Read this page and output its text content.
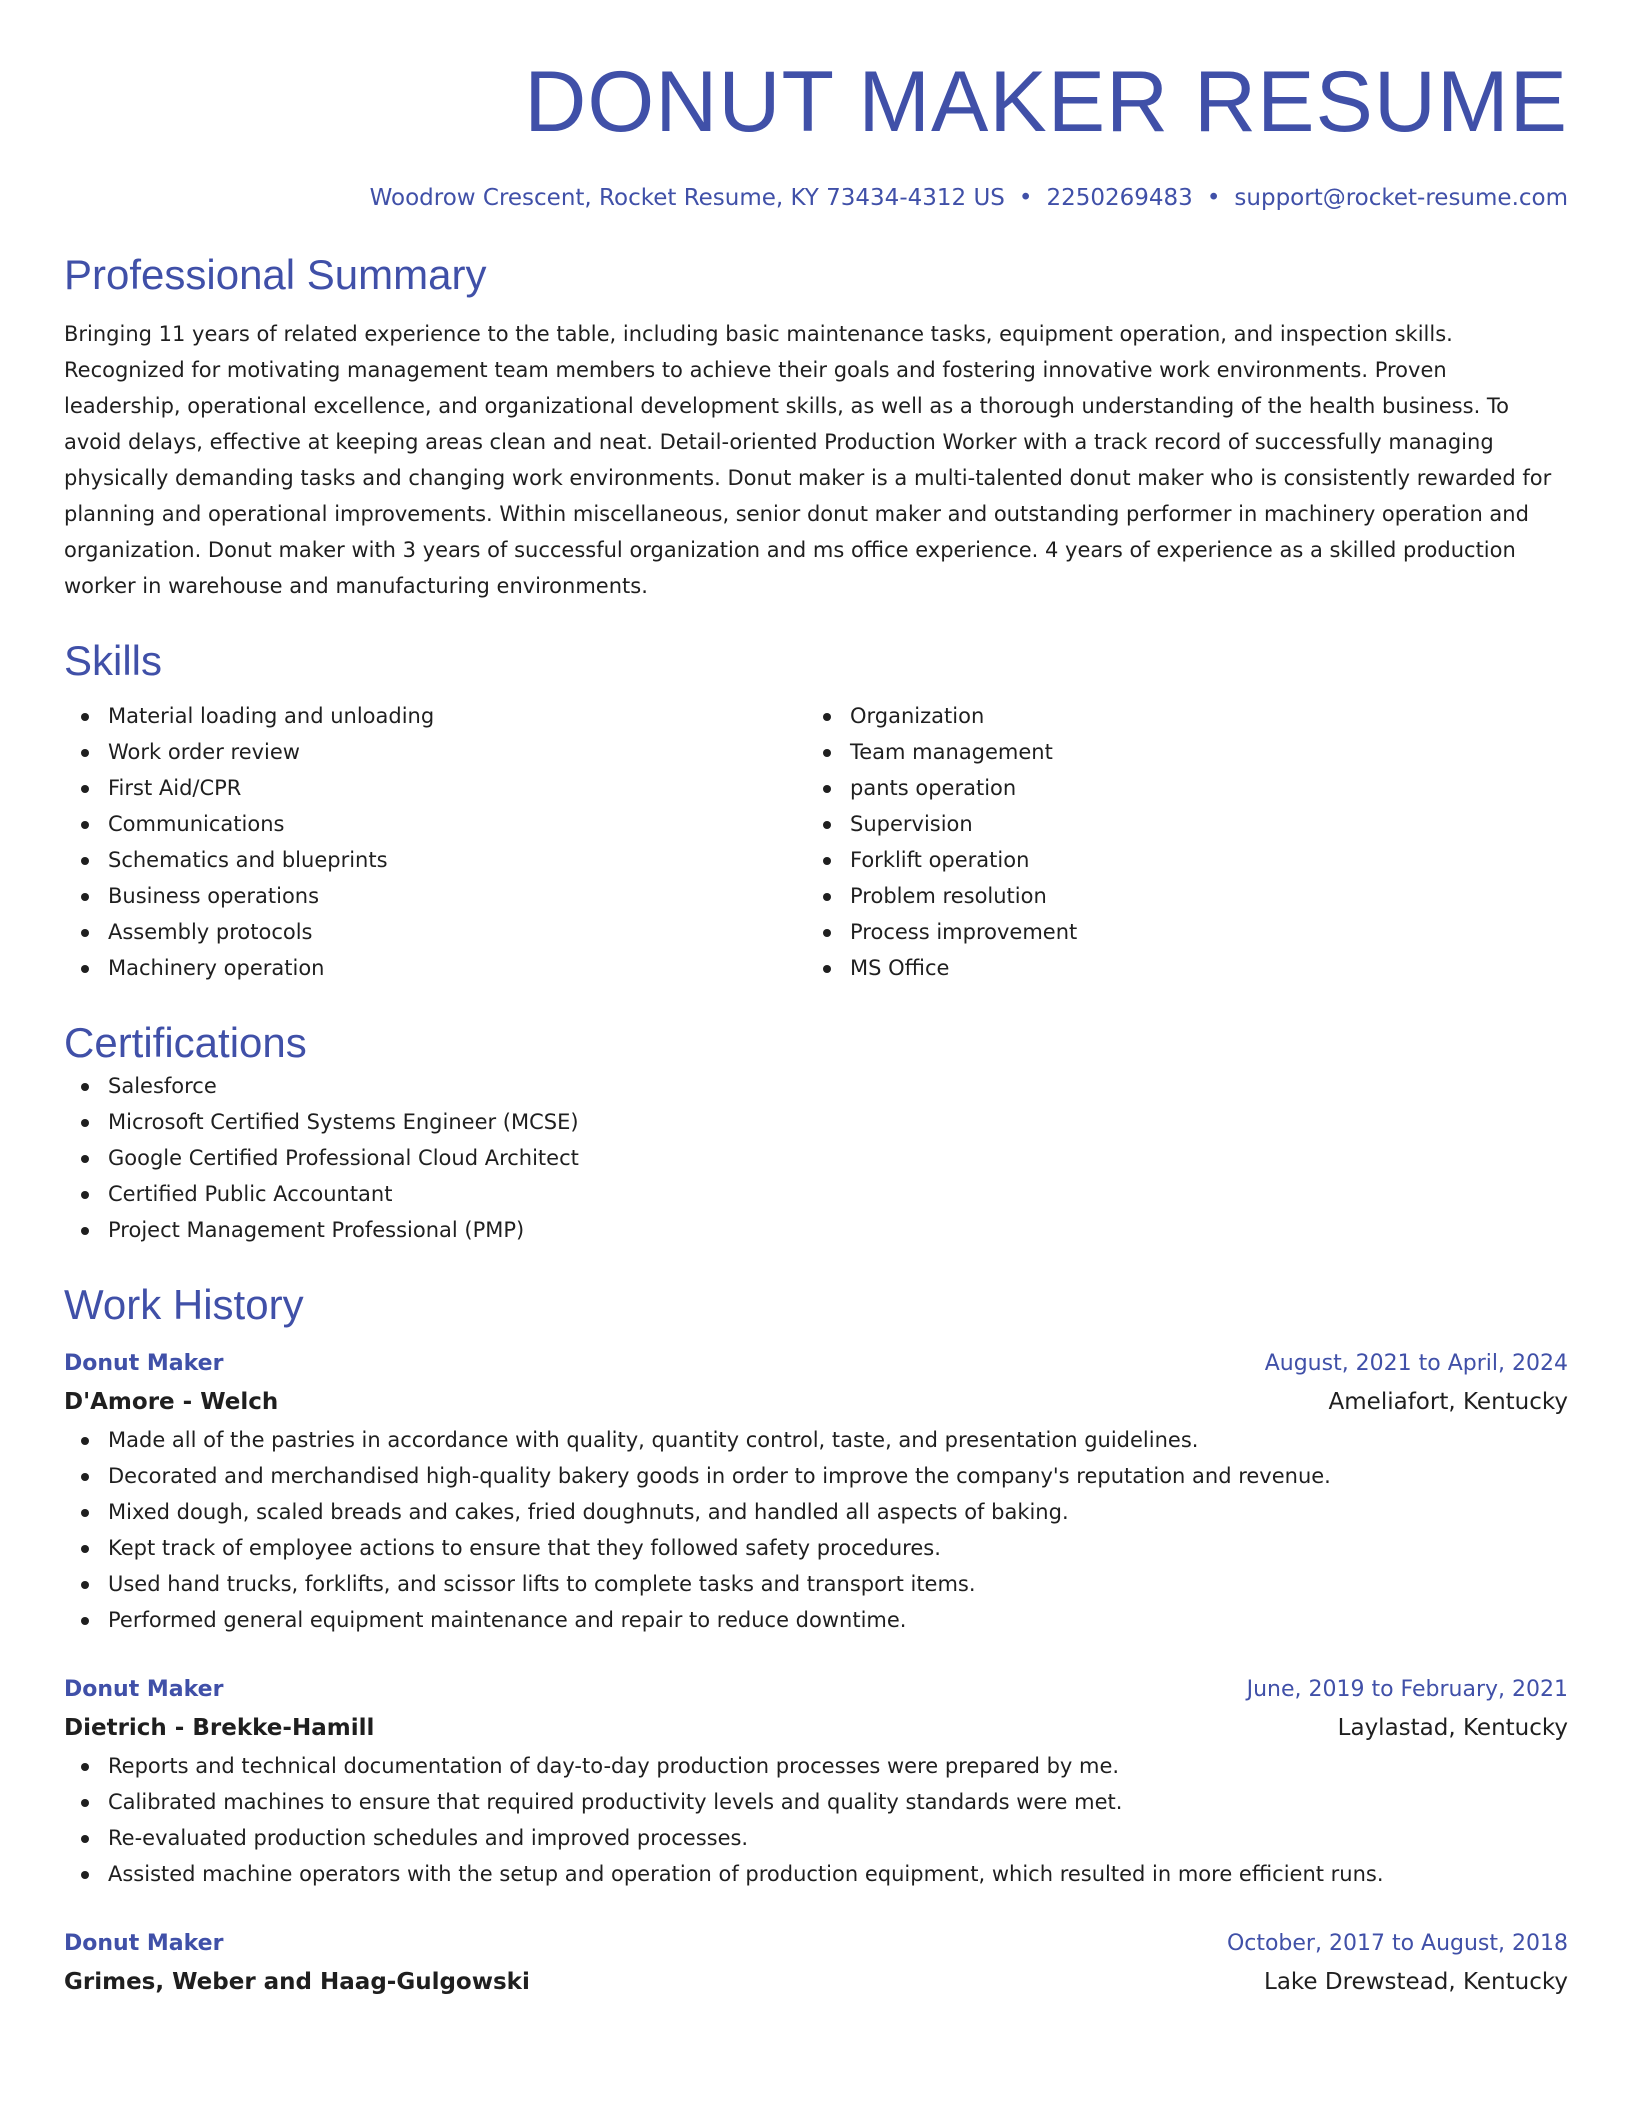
DONUT MAKER RESUME
Woodrow Crescent, Rocket Resume, KY 73434-4312 US • 2250269483 • support@rocket-resume.com
Professional Summary
Bringing 11 years of related experience to the table, including basic maintenance tasks, equipment operation, and inspection skills. Recognized for motivating management team members to achieve their goals and fostering innovative work environments. Proven leadership, operational excellence, and organizational development skills, as well as a thorough understanding of the health business. To avoid delays, effective at keeping areas clean and neat. Detail-oriented Production Worker with a track record of successfully managing physically demanding tasks and changing work environments. Donut maker is a multi-talented donut maker who is consistently rewarded for planning and operational improvements. Within miscellaneous, senior donut maker and outstanding performer in machinery operation and organization. Donut maker with 3 years of successful organization and ms office experience. 4 years of experience as a skilled production worker in warehouse and manufacturing environments.
Skills
Material loading and unloading
Work order review
First Aid/CPR
Communications
Schematics and blueprints
Business operations
Assembly protocols
Machinery operation
Organization
Team management
pants operation
Supervision
Forklift operation
Problem resolution
Process improvement
MS Office
Certifications
Salesforce
Microsoft Certified Systems Engineer (MCSE)
Google Certified Professional Cloud Architect
Certified Public Accountant
Project Management Professional (PMP)
Work History
Donut Maker	August, 2021 to April, 2024
D'Amore - Welch	Ameliafort, Kentucky
Made all of the pastries in accordance with quality, quantity control, taste, and presentation guidelines.
Decorated and merchandised high-quality bakery goods in order to improve the company's reputation and revenue.
Mixed dough, scaled breads and cakes, fried doughnuts, and handled all aspects of baking.
Kept track of employee actions to ensure that they followed safety procedures.
Used hand trucks, forklifts, and scissor lifts to complete tasks and transport items.
Performed general equipment maintenance and repair to reduce downtime.
Donut Maker	June, 2019 to February, 2021
Dietrich - Brekke-Hamill	Laylastad, Kentucky
Reports and technical documentation of day-to-day production processes were prepared by me.
Calibrated machines to ensure that required productivity levels and quality standards were met.
Re-evaluated production schedules and improved processes.
Assisted machine operators with the setup and operation of production equipment, which resulted in more efficient runs.
Donut Maker	October, 2017 to August, 2018
Grimes, Weber and Haag-Gulgowski	Lake Drewstead, Kentucky
